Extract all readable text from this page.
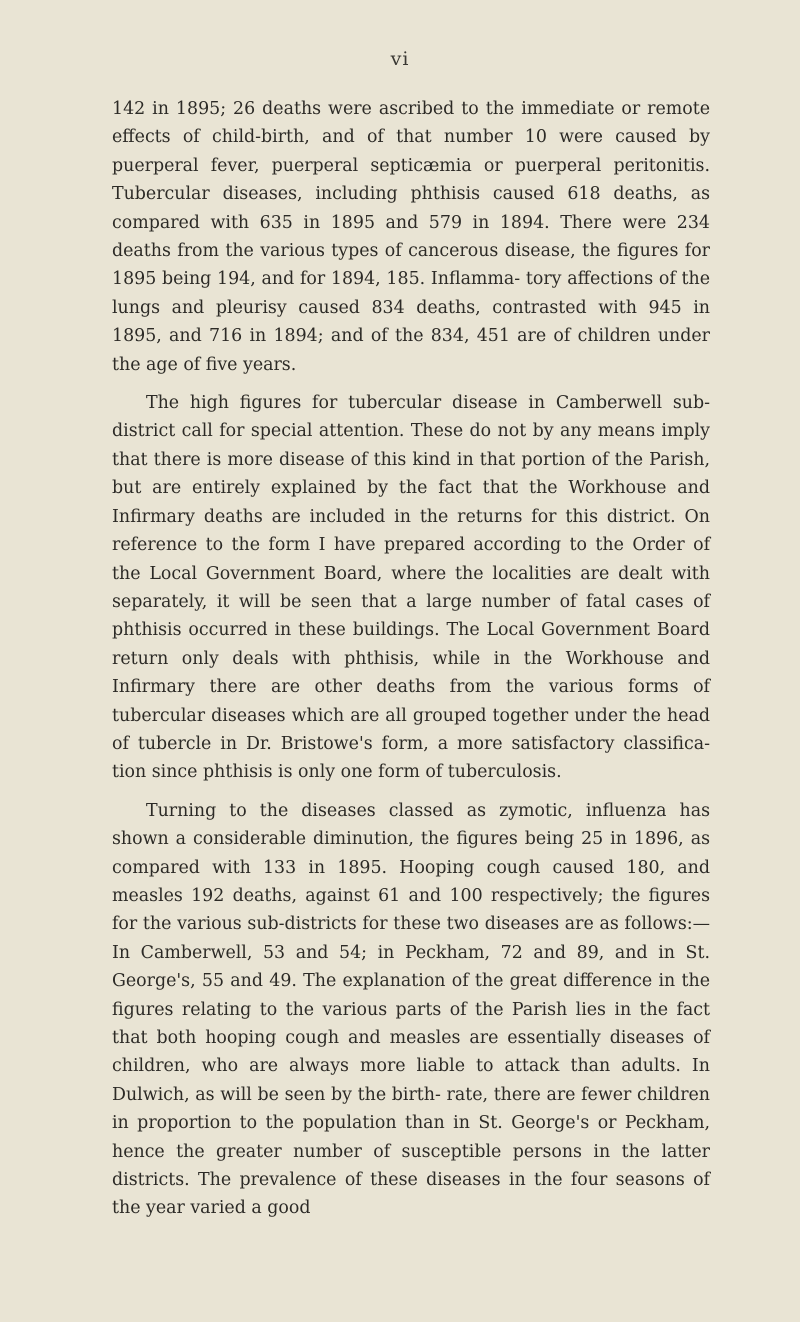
vi

142 in 1895; 26 deaths were ascribed to the immediate or remote effects of child-birth, and of that number 10 were caused by puerperal fever, puerperal septicæmia or puerperal peritonitis. Tubercular diseases, including phthisis caused 618 deaths, as compared with 635 in 1895 and 579 in 1894. There were 234 deaths from the various types of cancerous disease, the figures for 1895 being 194, and for 1894, 185. Inflamma- tory affections of the lungs and pleurisy caused 834 deaths, contrasted with 945 in 1895, and 716 in 1894; and of the 834, 451 are of children under the age of five years.

The high figures for tubercular disease in Camberwell sub-district call for special attention. These do not by any means imply that there is more disease of this kind in that portion of the Parish, but are entirely explained by the fact that the Workhouse and Infirmary deaths are included in the returns for this district. On reference to the form I have prepared according to the Order of the Local Government Board, where the localities are dealt with separately, it will be seen that a large number of fatal cases of phthisis occurred in these buildings. The Local Government Board return only deals with phthisis, while in the Workhouse and Infirmary there are other deaths from the various forms of tubercular diseases which are all grouped together under the head of tubercle in Dr. Bristowe's form, a more satisfactory classifica- tion since phthisis is only one form of tuberculosis.

Turning to the diseases classed as zymotic, influenza has shown a considerable diminution, the figures being 25 in 1896, as compared with 133 in 1895. Hooping cough caused 180, and measles 192 deaths, against 61 and 100 respectively; the figures for the various sub-districts for these two diseases are as follows:—In Camberwell, 53 and 54; in Peckham, 72 and 89, and in St. George's, 55 and 49. The explanation of the great difference in the figures relating to the various parts of the Parish lies in the fact that both hooping cough and measles are essentially diseases of children, who are always more liable to attack than adults. In Dulwich, as will be seen by the birth- rate, there are fewer children in proportion to the population than in St. George's or Peckham, hence the greater number of susceptible persons in the latter districts. The prevalence of these diseases in the four seasons of the year varied a good
